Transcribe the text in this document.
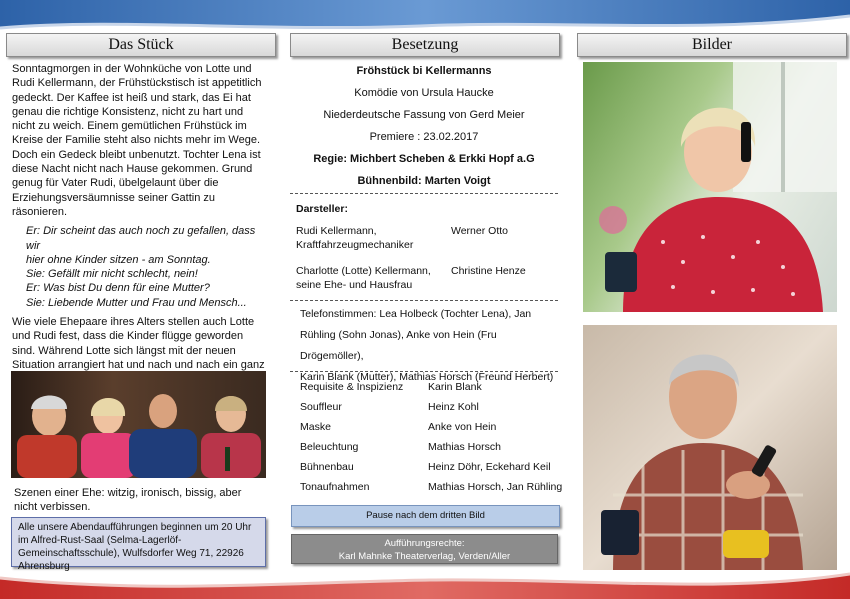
Das Stück	Besetzung	Bilder

Sonntagmorgen in der Wohnküche von Lotte und Rudi Kellermann, der Frühstückstisch ist appetitlich gedeckt. Der Kaffee ist heiß und stark, das Ei hat genau die richtige Konsistenz, nicht zu hart und nicht zu weich. Einem gemütlichen Frühstück im Kreise der Familie steht also nichts mehr im Wege. Doch ein Gedeck bleibt unbenutzt. Tochter Lena ist diese Nacht nicht nach Hause gekommen. Grund genug für Vater Rudi, übelgelaunt über die Erziehungsversäumnisse seiner Gattin zu räsonieren.

Er: Dir scheint das auch noch zu gefallen, dass wir
hier ohne Kinder sitzen - am Sonntag.
Sie: Gefällt mir nicht schlecht, nein!
Er: Was bist Du denn für eine Mutter?
Sie: Liebende Mutter und Frau und Mensch...

Wie viele Ehepaare ihres Alters stellen auch Lotte und Rudi fest, dass die Kinder flügge geworden sind. Während Lotte sich längst mit der neuen Situation arrangiert hat und nach und nach ein ganz

Szenen einer Ehe: witzig, ironisch, bissig, aber nicht verbissen.
Alle unsere Abendaufführungen beginnen um 20 Uhr im Alfred-Rust-Saal (Selma-Lagerlöf-Gemeinschaftsschule), Wulfsdorfer Weg 71, 22926 Ahrensburg
Fröhstück bi Kellermanns
Komödie von Ursula Haucke
Niederdeutsche Fassung von Gerd Meier
Premiere : 23.02.2017
Regie: Michbert Scheben & Erkki Hopf a.G
Bühnenbild: Marten Voigt
Darsteller:
Rudi Kellermann, Kraftfahrzeugmechaniker
Werner Otto
Charlotte (Lotte) Kellermann, seine Ehe- und Hausfrau
Christine Henze
Telefonstimmen: Lea Holbeck (Tochter Lena), Jan
Rühling (Sohn Jonas), Anke von Hein (Fru Drögemöller),
Karin Blank (Mutter), Mathias Horsch (Freund Herbert)
Requisite & Inspizienz Karin Blank
Souffleur	Heinz Kohl
Maske	Anke von Hein
Beleuchtung	Mathias Horsch
Bühnenbau	Heinz Döhr, Eckehard Keil
Tonaufnahmen	Mathias Horsch, Jan Rühling
Pause nach dem dritten Bild
Aufführungsrechte:
Karl Mahnke Theaterverlag, Verden/Aller
